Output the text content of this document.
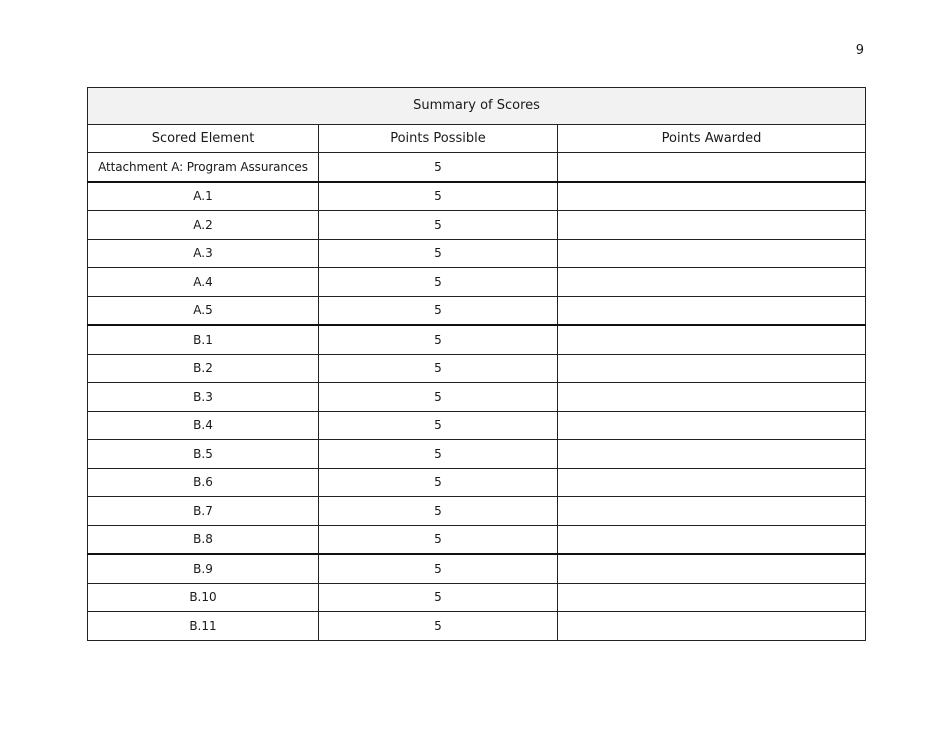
9
Summary of Scores		
Scored Element	Points Possible	Points Awarded
Attachment A: Program Assurances	5	
A.1	5	
A.2	5	
A.3	5	
A.4	5	
A.5	5	
B.1	5	
B.2	5	
B.3	5	
B.4	5	
B.5	5	
B.6	5	
B.7	5	
B.8	5	
B.9	5	
B.10	5	
B.11	5	
